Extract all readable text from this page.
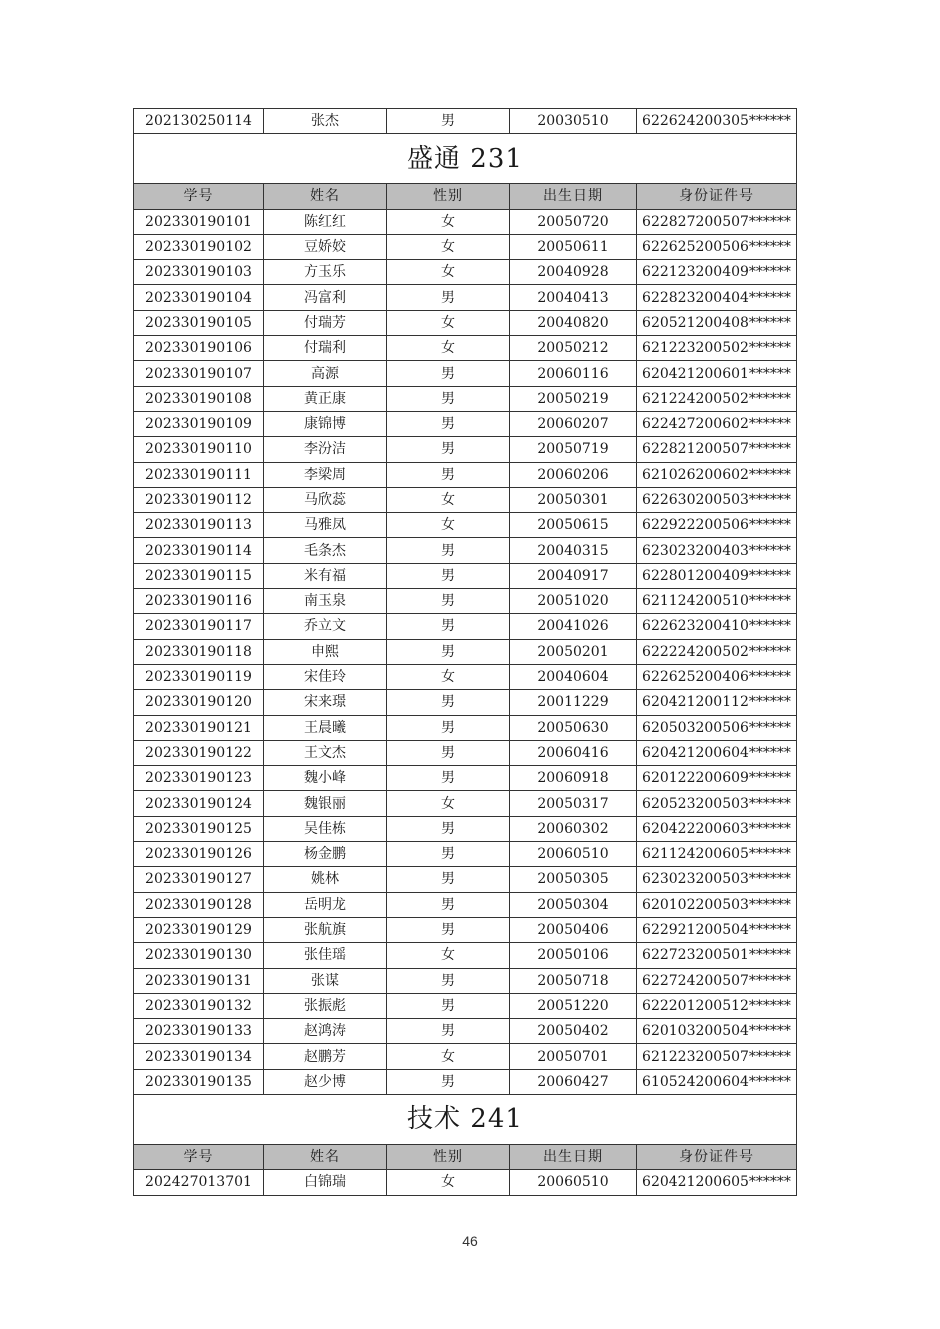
202130250114	张杰	男	20030510	622624200305******
盛通 231				
学号	姓名	性别	出生日期	身份证件号
202330190101	陈红红	女	20050720	622827200507******
202330190102	豆娇姣	女	20050611	622625200506******
202330190103	方玉乐	女	20040928	622123200409******
202330190104	冯富利	男	20040413	622823200404******
202330190105	付瑞芳	女	20040820	620521200408******
202330190106	付瑞利	女	20050212	621223200502******
202330190107	高源	男	20060116	620421200601******
202330190108	黄正康	男	20050219	621224200502******
202330190109	康锦博	男	20060207	622427200602******
202330190110	李汾洁	男	20050719	622821200507******
202330190111	李梁周	男	20060206	621026200602******
202330190112	马欣蕊	女	20050301	622630200503******
202330190113	马雅凤	女	20050615	622922200506******
202330190114	毛条杰	男	20040315	623023200403******
202330190115	米有福	男	20040917	622801200409******
202330190116	南玉泉	男	20051020	621124200510******
202330190117	乔立文	男	20041026	622623200410******
202330190118	申熙	男	20050201	622224200502******
202330190119	宋佳玲	女	20040604	622625200406******
202330190120	宋来璟	男	20011229	620421200112******
202330190121	王晨曦	男	20050630	620503200506******
202330190122	王文杰	男	20060416	620421200604******
202330190123	魏小峰	男	20060918	620122200609******
202330190124	魏银丽	女	20050317	620523200503******
202330190125	吴佳栋	男	20060302	620422200603******
202330190126	杨金鹏	男	20060510	621124200605******
202330190127	姚林	男	20050305	623023200503******
202330190128	岳明龙	男	20050304	620102200503******
202330190129	张航旗	男	20050406	622921200504******
202330190130	张佳瑶	女	20050106	622723200501******
202330190131	张谋	男	20050718	622724200507******
202330190132	张振彪	男	20051220	622201200512******
202330190133	赵鸿涛	男	20050402	620103200504******
202330190134	赵鹏芳	女	20050701	621223200507******
202330190135	赵少博	男	20060427	610524200604******
技术 241				
学号	姓名	性别	出生日期	身份证件号
202427013701	白锦瑞	女	20060510	620421200605******
46
